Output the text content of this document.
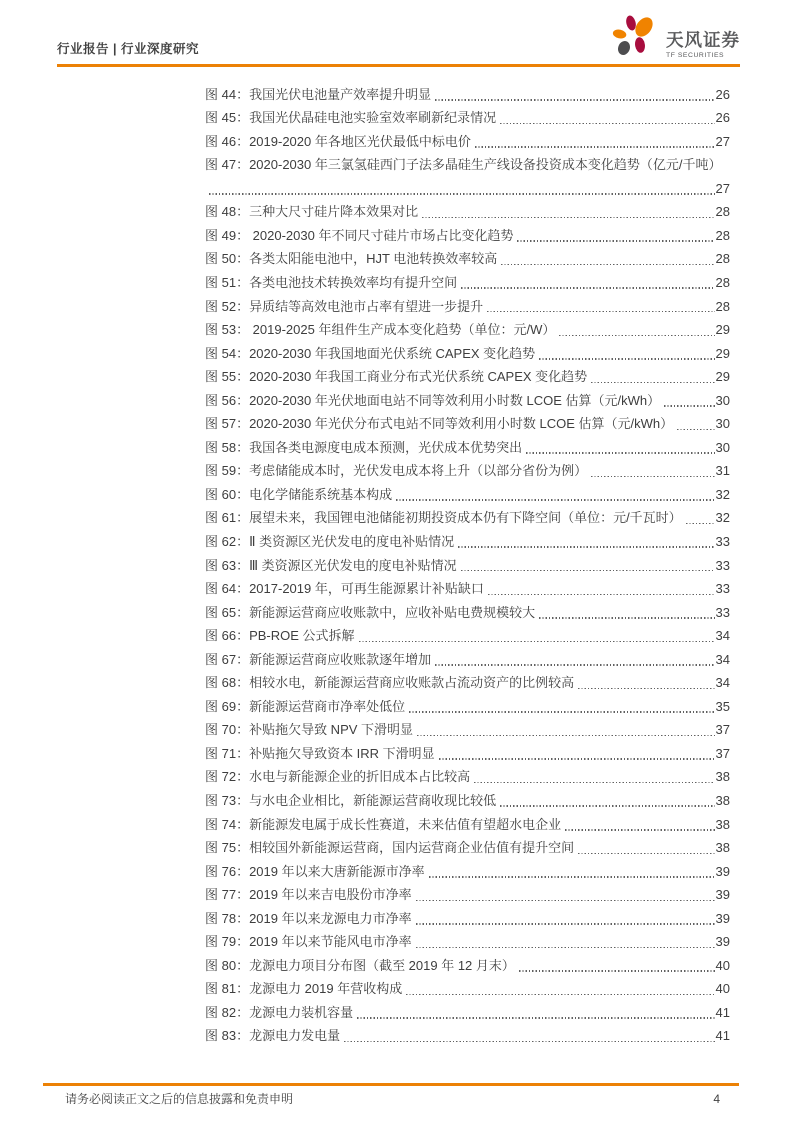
行业报告 | 行业深度研究	天风证券
TF SECURITIES
图 44：我国光伏电池量产效率提升明显	26
图 45：我国光伏晶硅电池实验室效率刷新纪录情况	26
图 46：2019-2020 年各地区光伏最低中标电价	27
图 47：2020-2030 年三氯氢硅西门子法多晶硅生产线设备投资成本变化趋势（亿元/千吨）
27
图 48：三种大尺寸硅片降本效果对比	28
图 49： 2020-2030 年不同尺寸硅片市场占比变化趋势	28
图 50：各类太阳能电池中，HJT 电池转换效率较高	28
图 51：各类电池技术转换效率均有提升空间	28
图 52：异质结等高效电池市占率有望进一步提升	28
图 53： 2019-2025 年组件生产成本变化趋势（单位：元/W）	29
图 54：2020-2030 年我国地面光伏系统 CAPEX 变化趋势	29
图 55：2020-2030 年我国工商业分布式光伏系统 CAPEX 变化趋势	29
图 56：2020-2030 年光伏地面电站不同等效利用小时数 LCOE 估算（元/kWh）	30
图 57：2020-2030 年光伏分布式电站不同等效利用小时数 LCOE 估算（元/kWh）	30
图 58：我国各类电源度电成本预测，光伏成本优势突出	30
图 59：考虑储能成本时，光伏发电成本将上升（以部分省份为例）	31
图 60：电化学储能系统基本构成	32
图 61：展望未来，我国锂电池储能初期投资成本仍有下降空间（单位：元/千瓦时）	32
图 62：Ⅱ 类资源区光伏发电的度电补贴情况	33
图 63：Ⅲ 类资源区光伏发电的度电补贴情况	33
图 64：2017-2019 年，可再生能源累计补贴缺口	33
图 65：新能源运营商应收账款中，应收补贴电费规模较大	33
图 66：PB-ROE 公式拆解	34
图 67：新能源运营商应收账款逐年增加	34
图 68：相较水电，新能源运营商应收账款占流动资产的比例较高	34
图 69：新能源运营商市净率处低位	35
图 70：补贴拖欠导致 NPV 下滑明显	37
图 71：补贴拖欠导致资本 IRR 下滑明显	37
图 72：水电与新能源企业的折旧成本占比较高	38
图 73：与水电企业相比，新能源运营商收现比较低	38
图 74：新能源发电属于成长性赛道，未来估值有望超水电企业	38
图 75：相较国外新能源运营商，国内运营商企业估值有提升空间	38
图 76：2019 年以来大唐新能源市净率	39
图 77：2019 年以来吉电股份市净率	39
图 78：2019 年以来龙源电力市净率	39
图 79：2019 年以来节能风电市净率	39
图 80：龙源电力项目分布图（截至 2019 年 12 月末）	40
图 81：龙源电力 2019 年营收构成	40
图 82：龙源电力装机容量	41
图 83：龙源电力发电量	41
请务必阅读正文之后的信息披露和免责申明	4
